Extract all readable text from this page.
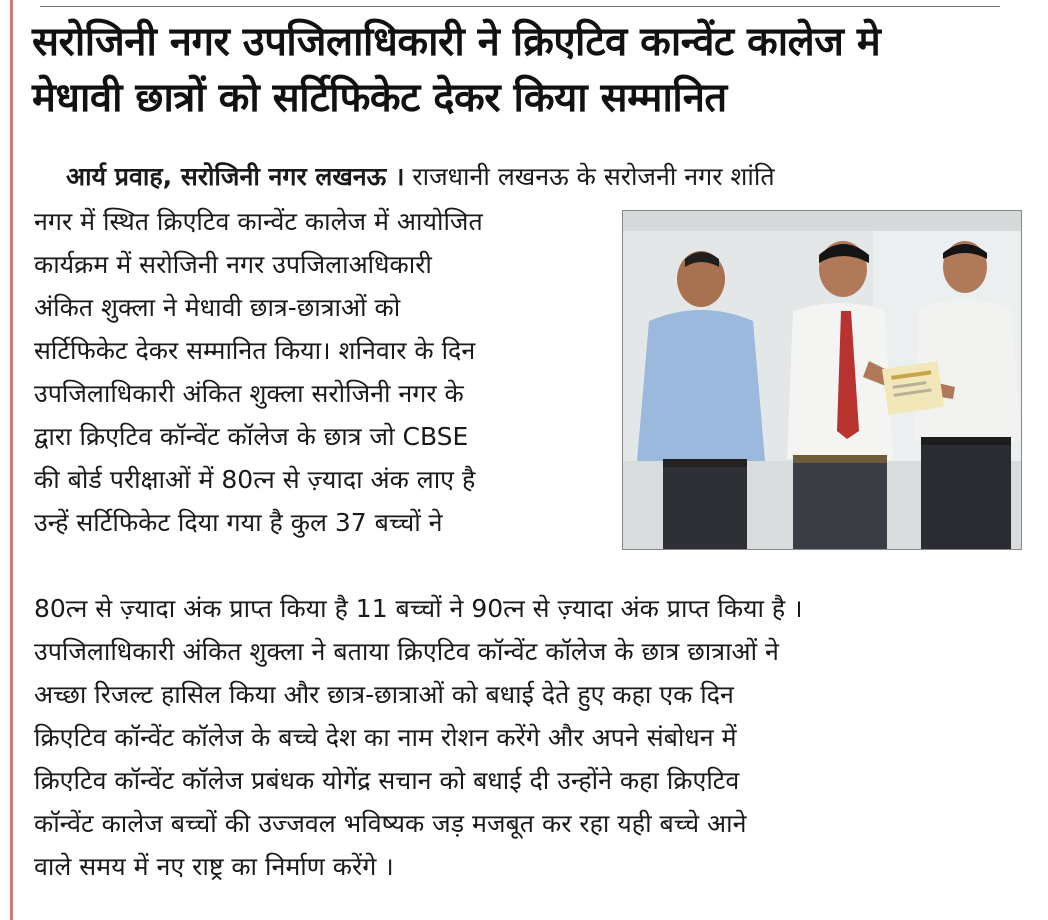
सरोजिनी नगर उपजिलाधिकारी ने क्रिएटिव कान्वेंट कालेज मे
मेधावी छात्रों को सर्टिफिकेट देकर किया सम्मानित
आर्य प्रवाह, सरोजिनी नगर लखनऊ । राजधानी लखनऊ के सरोजनी नगर शांति
नगर में स्थित क्रिएटिव कान्वेंट कालेज में आयोजित
कार्यक्रम में सरोजिनी नगर उपजिलाअधिकारी
अंकित शुक्ला ने मेधावी छात्र-छात्राओं को
सर्टिफिकेट देकर सम्मानित किया। शनिवार के दिन
उपजिलाधिकारी अंकित शुक्ला सरोजिनी नगर के
द्वारा क्रिएटिव कॉन्वेंट कॉलेज के छात्र जो CBSE
की बोर्ड परीक्षाओं में 80त्न से ज़्यादा अंक लाए है
उन्हें सर्टिफिकेट दिया गया है कुल 37 बच्चों ने
80त्न से ज़्यादा अंक प्राप्त किया है 11 बच्चों ने 90त्न से ज़्यादा अंक प्राप्त किया है ।
उपजिलाधिकारी अंकित शुक्ला ने बताया क्रिएटिव कॉन्वेंट कॉलेज के छात्र छात्राओं ने
अच्छा रिजल्ट हासिल किया और छात्र-छात्राओं को बधाई देते हुए कहा एक दिन
क्रिएटिव कॉन्वेंट कॉलेज के बच्चे देश का नाम रोशन करेंगे और अपने संबोधन में
क्रिएटिव कॉन्वेंट कॉलेज प्रबंधक योगेंद्र सचान को बधाई दी उन्होंने कहा क्रिएटिव
कॉन्वेंट कालेज बच्चों की उज्जवल भविष्यक जड़ मजबूत कर रहा यही बच्चे आने
वाले समय में नए राष्ट्र का निर्माण करेंगे ।
